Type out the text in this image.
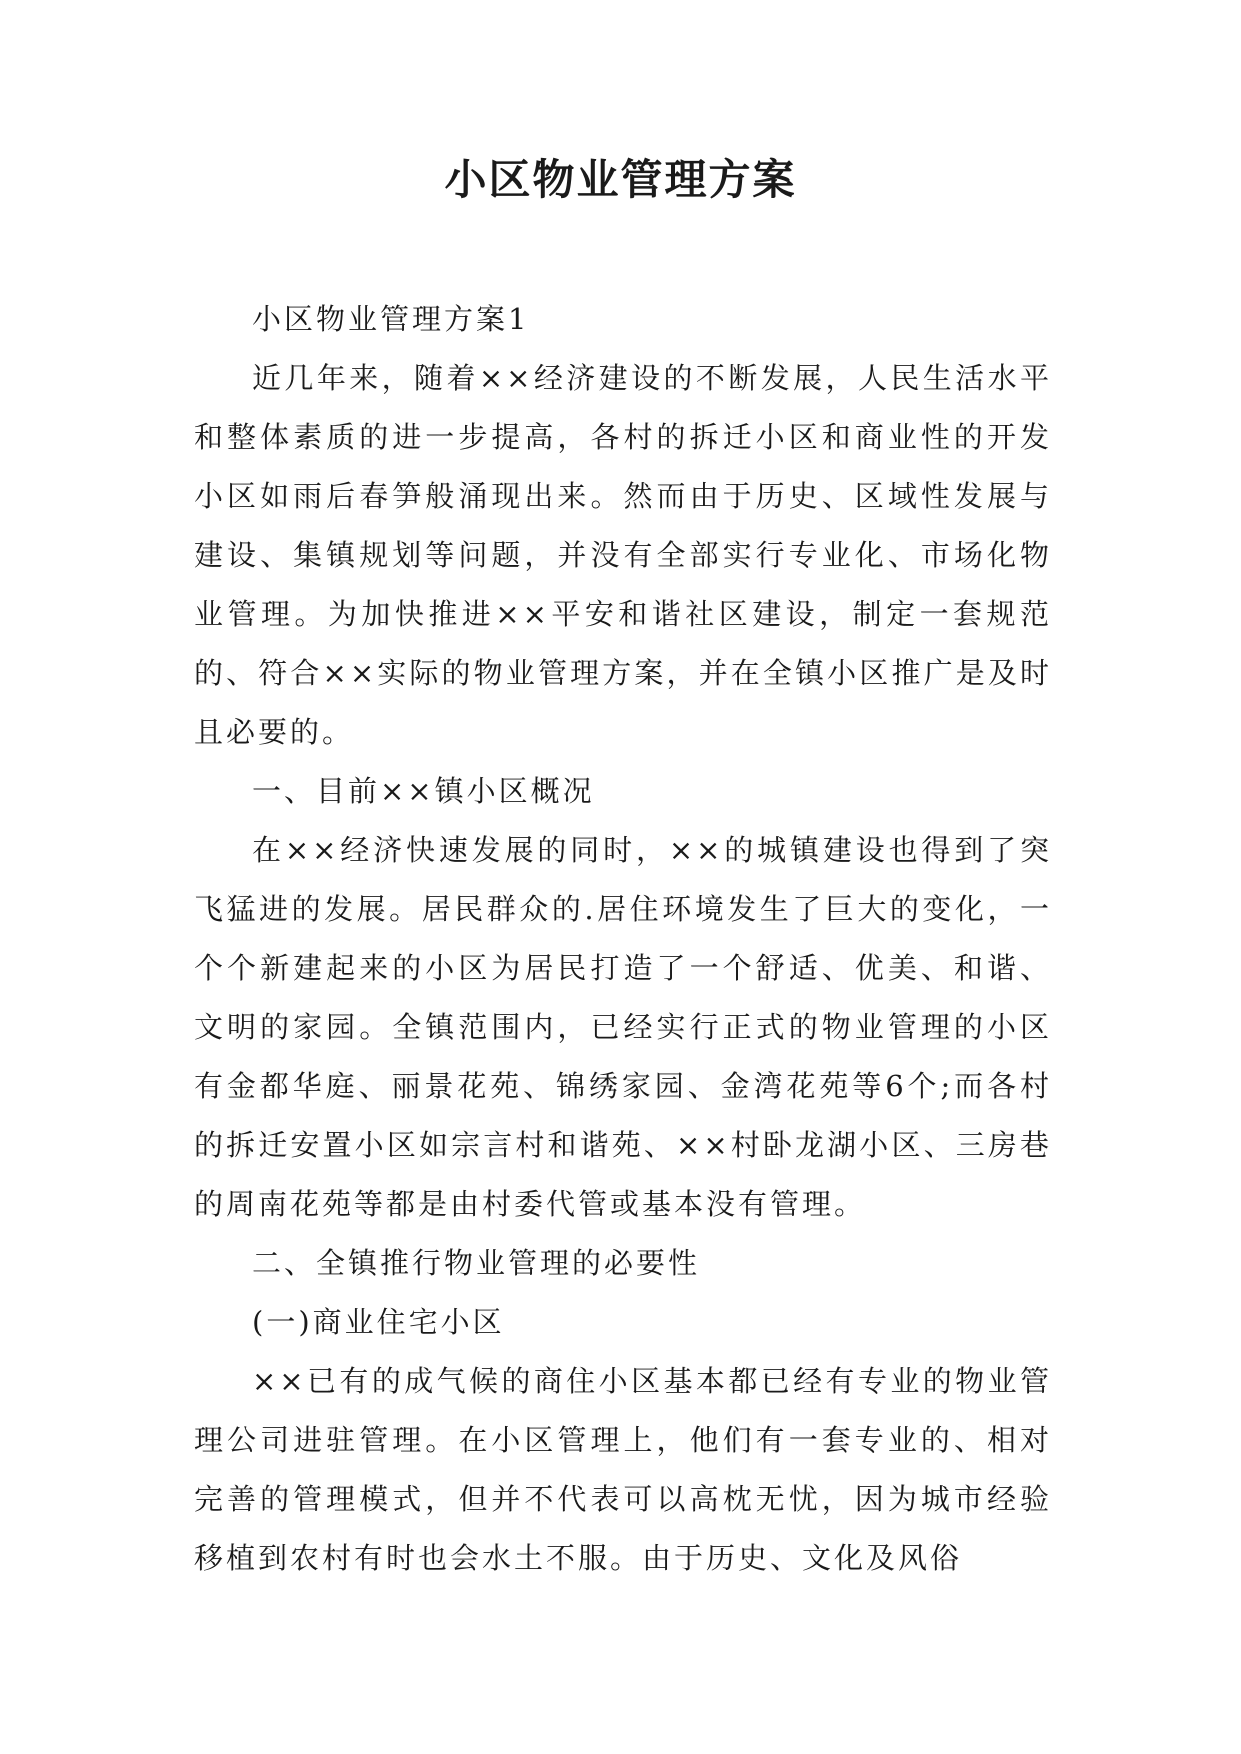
小区物业管理方案

小区物业管理方案1

近几年来，随着××经济建设的不断发展，人民生活水平和整体素质的进一步提高，各村的拆迁小区和商业性的开发小区如雨后春笋般涌现出来。然而由于历史、区域性发展与建设、集镇规划等问题，并没有全部实行专业化、市场化物业管理。为加快推进××平安和谐社区建设，制定一套规范的、符合××实际的物业管理方案，并在全镇小区推广是及时且必要的。

一、目前××镇小区概况

在××经济快速发展的同时，××的城镇建设也得到了突飞猛进的发展。居民群众的.居住环境发生了巨大的变化，一个个新建起来的小区为居民打造了一个舒适、优美、和谐、文明的家园。全镇范围内，已经实行正式的物业管理的小区有金都华庭、丽景花苑、锦绣家园、金湾花苑等6个;而各村的拆迁安置小区如宗言村和谐苑、××村卧龙湖小区、三房巷的周南花苑等都是由村委代管或基本没有管理。

二、全镇推行物业管理的必要性

(一)商业住宅小区

××已有的成气候的商住小区基本都已经有专业的物业管理公司进驻管理。在小区管理上，他们有一套专业的、相对完善的管理模式，但并不代表可以高枕无忧，因为城市经验移植到农村有时也会水土不服。由于历史、文化及风俗
